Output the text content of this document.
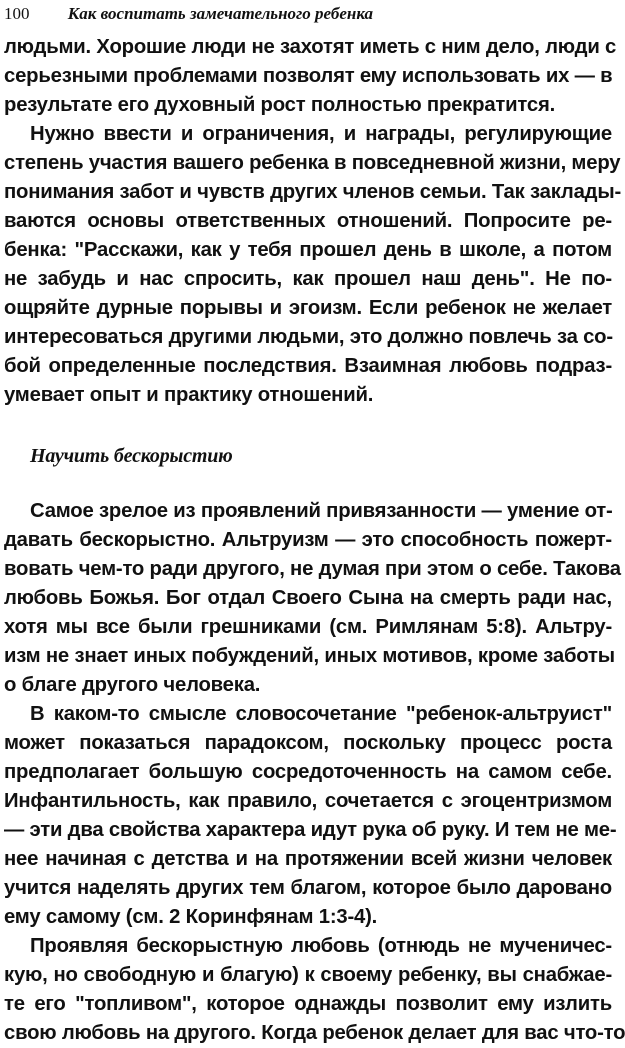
100 Как воспитать замечательного ребенка
людьми. Хорошие люди не захотят иметь с ним дело, люди с
серьезными проблемами позволят ему использовать их — в
результате его духовный рост полностью прекратится.
Нужно ввести и ограничения, и награды, регулирующие
степень участия вашего ребенка в повседневной жизни, меру
понимания забот и чувств других членов семьи. Так заклады-
ваются основы ответственных отношений. Попросите ре-
бенка: "Расскажи, как у тебя прошел день в школе, а потом
не забудь и нас спросить, как прошел наш день". Не по-
ощряйте дурные порывы и эгоизм. Если ребенок не желает
интересоваться другими людьми, это должно повлечь за со-
бой определенные последствия. Взаимная любовь подраз-
умевает опыт и практику отношений.
Научить бескорыстию
Самое зрелое из проявлений привязанности — умение от-
давать бескорыстно. Альтруизм — это способность пожерт-
вовать чем-то ради другого, не думая при этом о себе. Такова
любовь Божья. Бог отдал Своего Сына на смерть ради нас,
хотя мы все были грешниками (см. Римлянам 5:8). Альтру-
изм не знает иных побуждений, иных мотивов, кроме заботы
о благе другого человека.
В каком-то смысле словосочетание "ребенок-альтруист"
может показаться парадоксом, поскольку процесс роста
предполагает большую сосредоточенность на самом себе.
Инфантильность, как правило, сочетается с эгоцентризмом
— эти два свойства характера идут рука об руку. И тем не ме-
нее начиная с детства и на протяжении всей жизни человек
учится наделять других тем благом, которое было даровано
ему самому (см. 2 Коринфянам 1:3-4).
Проявляя бескорыстную любовь (отнюдь не мученичес-
кую, но свободную и благую) к своему ребенку, вы снабжае-
те его "топливом", которое однажды позволит ему излить
свою любовь на другого. Когда ребенок делает для вас что-то
